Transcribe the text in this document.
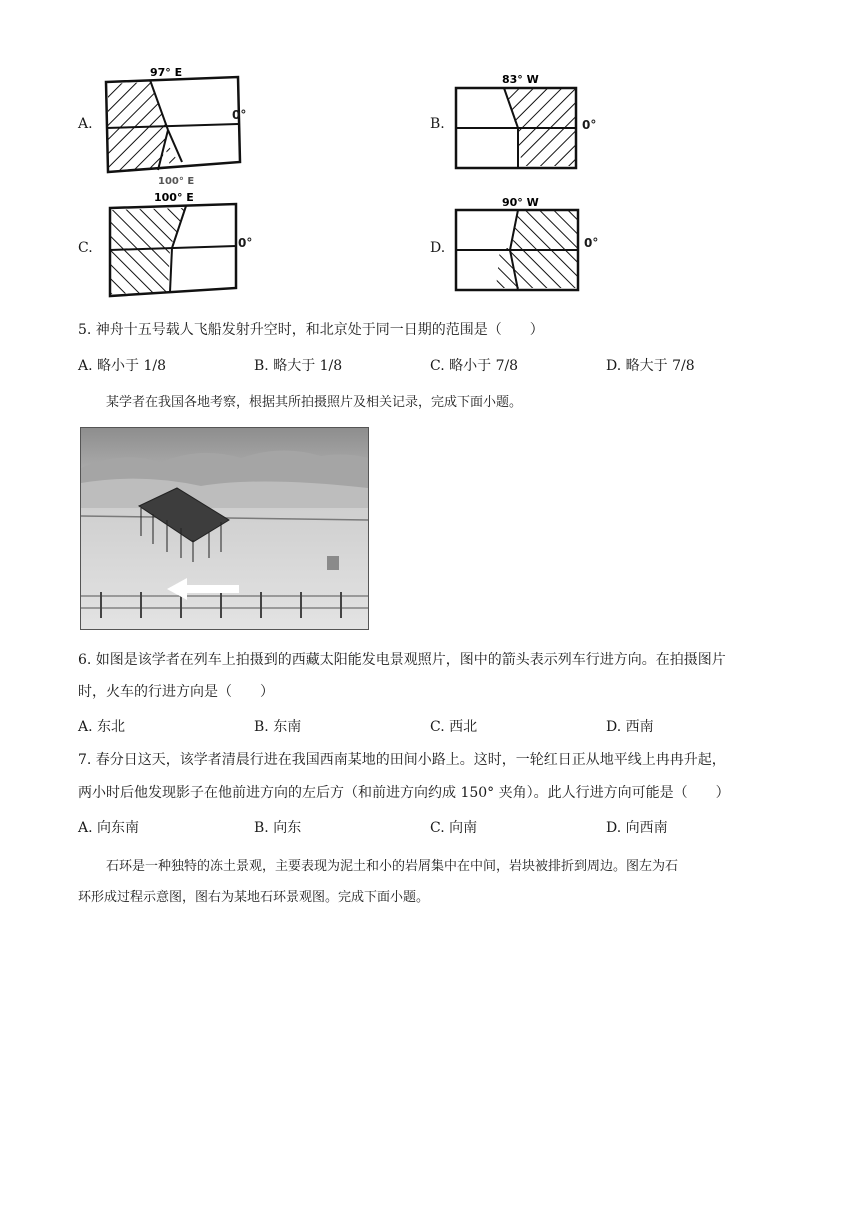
A.
97° E
100° E
0°
B.
83° W
0°
C.
100° E
0°	D.
90° W
0°
5. 神舟十五号载人飞船发射升空时，和北京处于同一日期的范围是（　　）
A. 略小于 1/8	B. 略大于 1/8	C. 略小于 7/8	D. 略大于 7/8
某学者在我国各地考察，根据其所拍摄照片及相关记录，完成下面小题。
6. 如图是该学者在列车上拍摄到的西藏太阳能发电景观照片，图中的箭头表示列车行进方向。在拍摄图片
时，火车的行进方向是（　　）
A. 东北	B. 东南	C. 西北	D. 西南
7. 春分日这天，该学者清晨行进在我国西南某地的田间小路上。这时，一轮红日正从地平线上冉冉升起，
两小时后他发现影子在他前进方向的左后方（和前进方向约成 150° 夹角）。此人行进方向可能是（　　）
A. 向东南	B. 向东	C. 向南	D. 向西南
石环是一种独特的冻土景观，主要表现为泥土和小的岩屑集中在中间，岩块被排折到周边。图左为石
环形成过程示意图，图右为某地石环景观图。完成下面小题。
